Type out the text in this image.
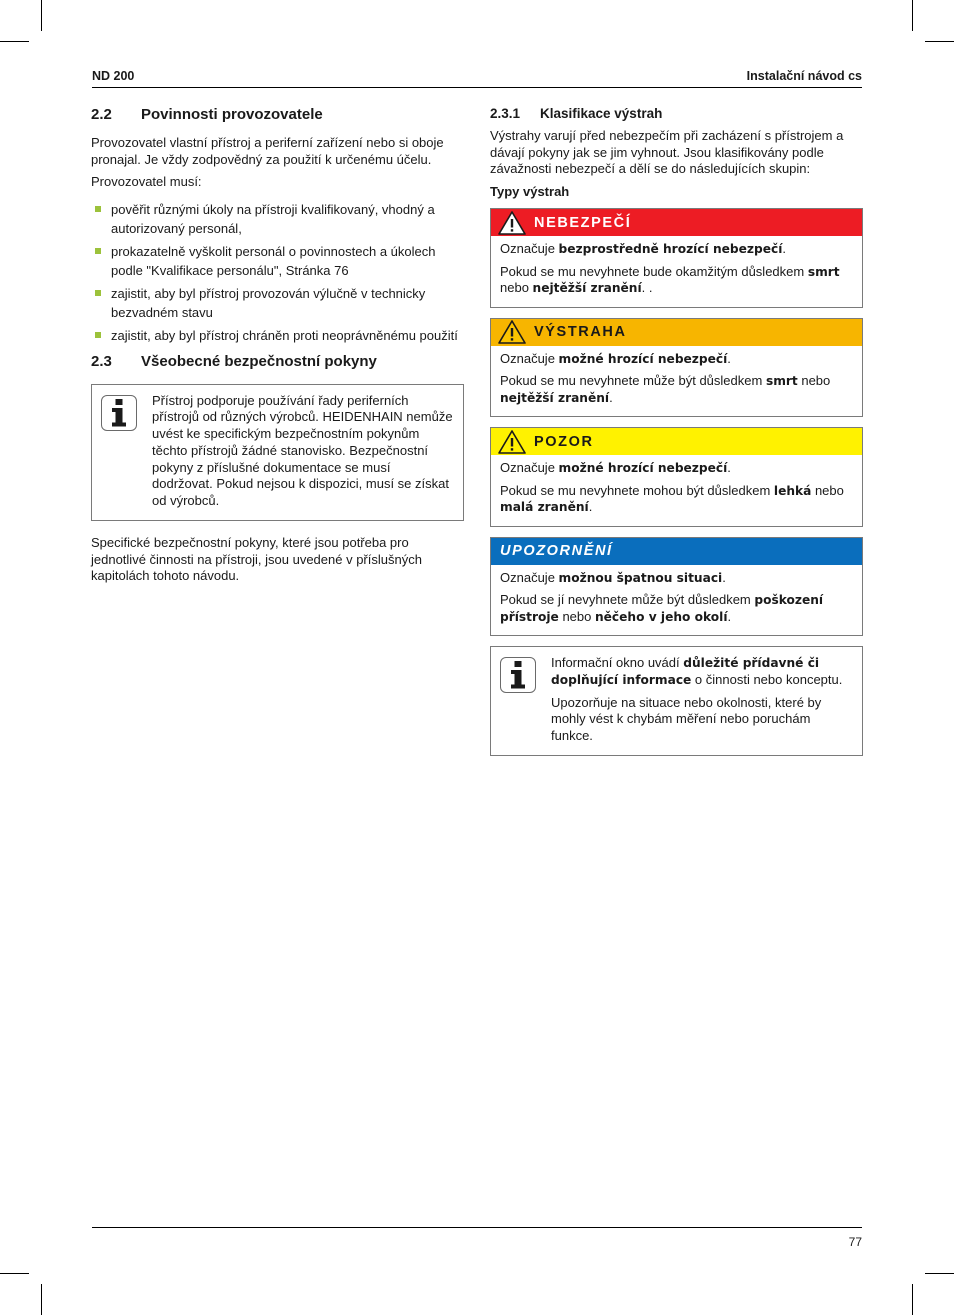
ND 200	Instalační návod cs
2.2	Povinnosti provozovatele

Provozovatel vlastní přístroj a periferní zařízení nebo si oboje pronajal. Je vždy zodpovědný za použití k určenému účelu.

Provozovatel musí:

pověřit různými úkoly na přístroji kvalifikovaný, vhodný a autorizovaný personál,
prokazatelně vyškolit personál o povinnostech a úkolech podle "Kvalifikace personálu", Stránka 76
zajistit, aby byl přístroj provozován výlučně v technicky bezvadném stavu
zajistit, aby byl přístroj chráněn proti neoprávněnému použití
2.3	Všeobecné bezpečnostní pokyny

Přístroj podporuje používání řady periferních přístrojů od různých výrobců. HEIDENHAIN nemůže uvést ke specifickým bezpečnostním pokynům těchto přístrojů žádné stanovisko. Bezpečnostní pokyny z příslušné dokumentace se musí dodržovat. Pokud nejsou k dispozici, musí se získat od výrobců.

Specifické bezpečnostní pokyny, které jsou potřeba pro jednotlivé činnosti na přístroji, jsou uvedené v příslušných kapitolách tohoto návodu.

2.3.1	Klasifikace výstrah

Výstrahy varují před nebezpečím při zacházení s přístrojem a dávají pokyny jak se jim vyhnout. Jsou klasifikovány podle závažnosti nebezpečí a dělí se do následujících skupin:

Typy výstrah

NEBEZPEČÍ

Označuje bezprostředně hrozící nebezpečí.

Pokud se mu nevyhnete bude okamžitým důsledkem smrt nebo nejtěžší zranění. .

VÝSTRAHA

Označuje možné hrozící nebezpečí.

Pokud se mu nevyhnete může být důsledkem smrt nebo nejtěžší zranění.

POZOR

Označuje možné hrozící nebezpečí.

Pokud se mu nevyhnete mohou být důsledkem lehká nebo malá zranění.

UPOZORNĚNÍ

Označuje možnou špatnou situaci.

Pokud se jí nevyhnete může být důsledkem poškození přístroje nebo něčeho v jeho okolí.

Informační okno uvádí důležité přídavné či doplňující informace o činnosti nebo konceptu.

Upozorňuje na situace nebo okolnosti, které by mohly vést k chybám měření nebo poruchám funkce.

77
